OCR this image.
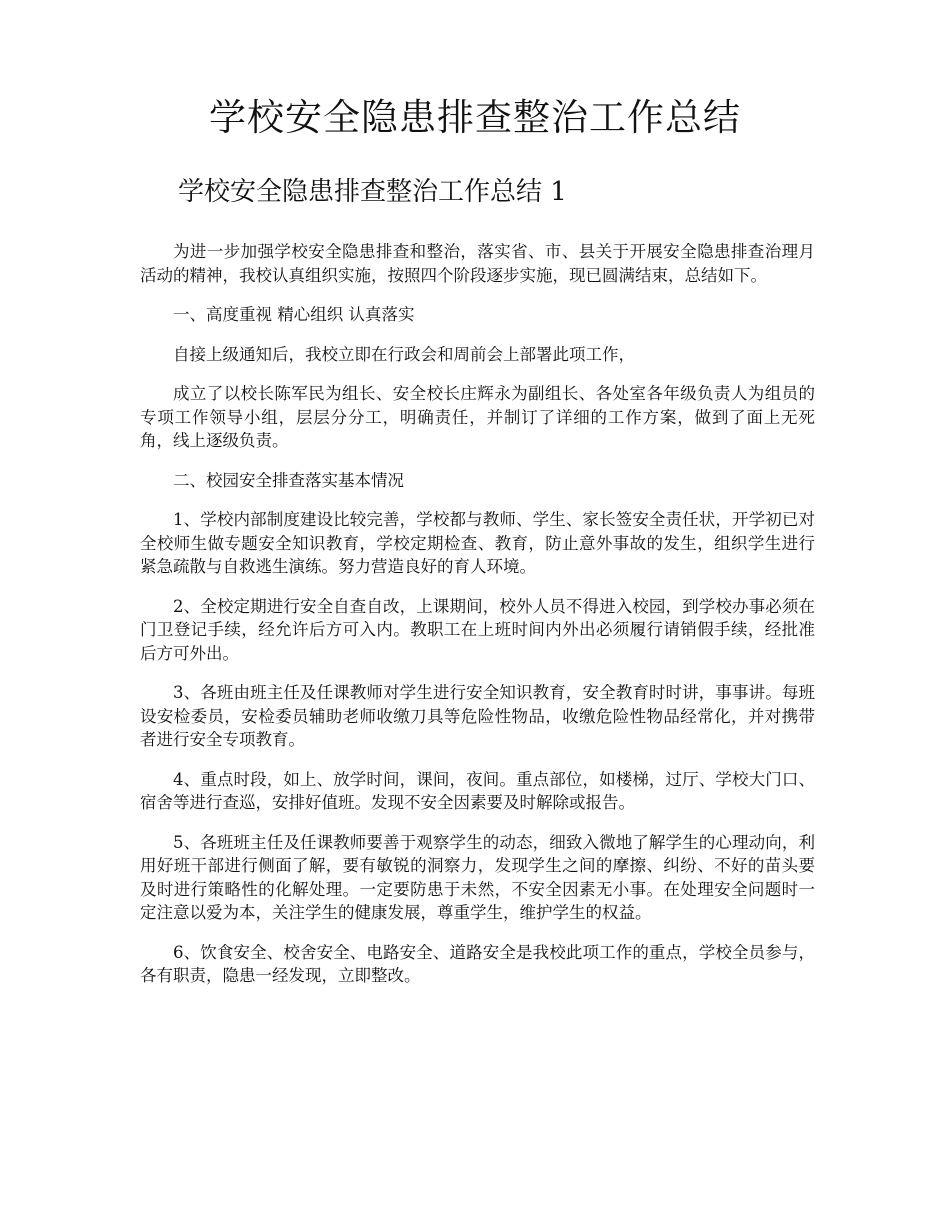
学校安全隐患排查整治工作总结
学校安全隐患排查整治工作总结 1

为进一步加强学校安全隐患排查和整治，落实省、市、县关于开展安全隐患排查治理月活动的精神，我校认真组织实施，按照四个阶段逐步实施，现已圆满结束，总结如下。

一、高度重视 精心组织 认真落实

自接上级通知后，我校立即在行政会和周前会上部署此项工作，

成立了以校长陈军民为组长、安全校长庄辉永为副组长、各处室各年级负责人为组员的专项工作领导小组，层层分分工，明确责任，并制订了详细的工作方案，做到了面上无死角，线上逐级负责。

二、校园安全排查落实基本情况

1、学校内部制度建设比较完善，学校都与教师、学生、家长签安全责任状，开学初已对全校师生做专题安全知识教育，学校定期检查、教育，防止意外事故的发生，组织学生进行紧急疏散与自救逃生演练。努力营造良好的育人环境。

2、全校定期进行安全自查自改，上课期间，校外人员不得进入校园，到学校办事必须在门卫登记手续，经允许后方可入内。教职工在上班时间内外出必须履行请销假手续，经批准后方可外出。

3、各班由班主任及任课教师对学生进行安全知识教育，安全教育时时讲，事事讲。每班设安检委员，安检委员辅助老师收缴刀具等危险性物品，收缴危险性物品经常化，并对携带者进行安全专项教育。

4、重点时段，如上、放学时间，课间，夜间。重点部位，如楼梯，过厅、学校大门口、宿舍等进行查巡，安排好值班。发现不安全因素要及时解除或报告。

5、各班班主任及任课教师要善于观察学生的动态，细致入微地了解学生的心理动向，利用好班干部进行侧面了解，要有敏锐的洞察力，发现学生之间的摩擦、纠纷、不好的苗头要及时进行策略性的化解处理。一定要防患于未然，不安全因素无小事。在处理安全问题时一定注意以爱为本，关注学生的健康发展，尊重学生，维护学生的权益。

6、饮食安全、校舍安全、电路安全、道路安全是我校此项工作的重点，学校全员参与，各有职责，隐患一经发现，立即整改。
